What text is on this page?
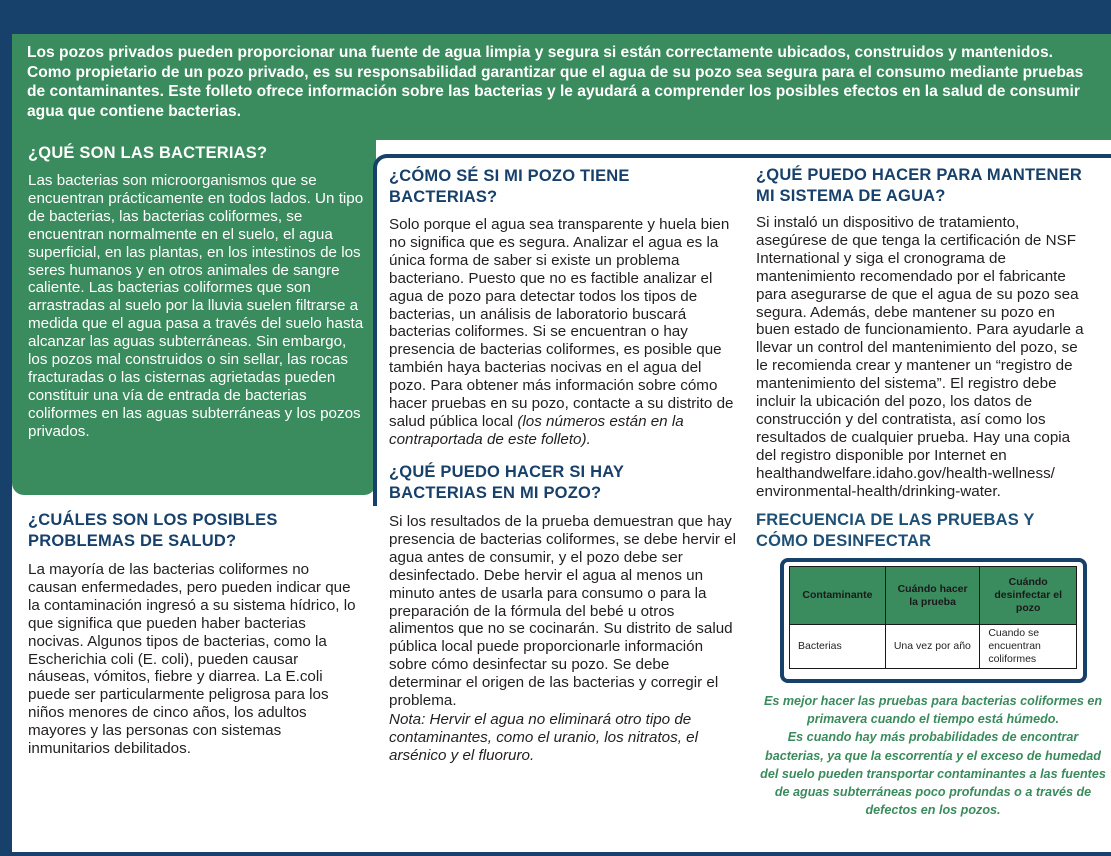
Los pozos privados pueden proporcionar una fuente de agua limpia y segura si están correctamente ubicados, construidos y mantenidos. Como propietario de un pozo privado, es su responsabilidad garantizar que el agua de su pozo sea segura para el consumo mediante pruebas de contaminantes. Este folleto ofrece información sobre las bacterias y le ayudará a comprender los posibles efectos en la salud de consumir agua que contiene bacterias.

¿QUÉ SON LAS BACTERIAS?

Las bacterias son microorganismos que se encuentran prácticamente en todos lados. Un tipo de bacterias, las bacterias coliformes, se encuentran normalmente en el suelo, el agua superficial, en las plantas, en los intestinos de los seres humanos y en otros animales de sangre caliente. Las bacterias coliformes que son arrastradas al suelo por la lluvia suelen filtrarse a medida que el agua pasa a través del suelo hasta alcanzar las aguas subterráneas. Sin embargo, los pozos mal construidos o sin sellar, las rocas fracturadas o las cisternas agrietadas pueden constituir una vía de entrada de bacterias coliformes en las aguas subterráneas y los pozos privados.

¿CUÁLES SON LOS POSIBLES PROBLEMAS DE SALUD?

La mayoría de las bacterias coliformes no causan enfermedades, pero pueden indicar que la contaminación ingresó a su sistema hídrico, lo que significa que pueden haber bacterias nocivas. Algunos tipos de bacterias, como la Escherichia coli (E. coli), pueden causar náuseas, vómitos, fiebre y diarrea. La E.coli puede ser particularmente peligrosa para los niños menores de cinco años, los adultos mayores y las personas con sistemas inmunitarios debilitados.

¿CÓMO SÉ SI MI POZO TIENE BACTERIAS?

Solo porque el agua sea transparente y huela bien no significa que es segura. Analizar el agua es la única forma de saber si existe un problema bacteriano. Puesto que no es factible analizar el agua de pozo para detectar todos los tipos de bacterias, un análisis de laboratorio buscará bacterias coliformes. Si se encuentran o hay presencia de bacterias coliformes, es posible que también haya bacterias nocivas en el agua del pozo. Para obtener más información sobre cómo hacer pruebas en su pozo, contacte a su distrito de salud pública local (los números están en la contraportada de este folleto).

¿QUÉ PUEDO HACER SI HAY BACTERIAS EN MI POZO?

Si los resultados de la prueba demuestran que hay presencia de bacterias coliformes, se debe hervir el agua antes de consumir, y el pozo debe ser desinfectado. Debe hervir el agua al menos un minuto antes de usarla para consumo o para la preparación de la fórmula del bebé u otros alimentos que no se cocinarán. Su distrito de salud pública local puede proporcionarle información sobre cómo desinfectar su pozo. Se debe determinar el origen de las bacterias y corregir el problema.

Nota: Hervir el agua no eliminará otro tipo de contaminantes, como el uranio, los nitratos, el arsénico y el fluoruro.

¿QUÉ PUEDO HACER PARA MANTENER MI SISTEMA DE AGUA?

Si instaló un dispositivo de tratamiento, asegúrese de que tenga la certificación de NSF International y siga el cronograma de mantenimiento recomendado por el fabricante para asegurarse de que el agua de su pozo sea segura. Además, debe mantener su pozo en buen estado de funcionamiento. Para ayudarle a llevar un control del mantenimiento del pozo, se le recomienda crear y mantener un “registro de mantenimiento del sistema”. El registro debe incluir la ubicación del pozo, los datos de construcción y del contratista, así como los resultados de cualquier prueba. Hay una copia del registro disponible por Internet en healthandwelfare.idaho.gov/health-wellness/ environmental-health/drinking-water.

FRECUENCIA DE LAS PRUEBAS Y CÓMO DESINFECTAR
Contaminante	Cuándo hacer la prueba	Cuándo desinfectar el pozo
Bacterias	Una vez por año	Cuando se encuentran coliformes
Es mejor hacer las pruebas para bacterias coliformes en primavera cuando el tiempo está húmedo.
Es cuando hay más probabilidades de encontrar bacterias, ya que la escorrentía y el exceso de humedad del suelo pueden transportar contaminantes a las fuentes de aguas subterráneas poco profundas o a través de defectos en los pozos.
